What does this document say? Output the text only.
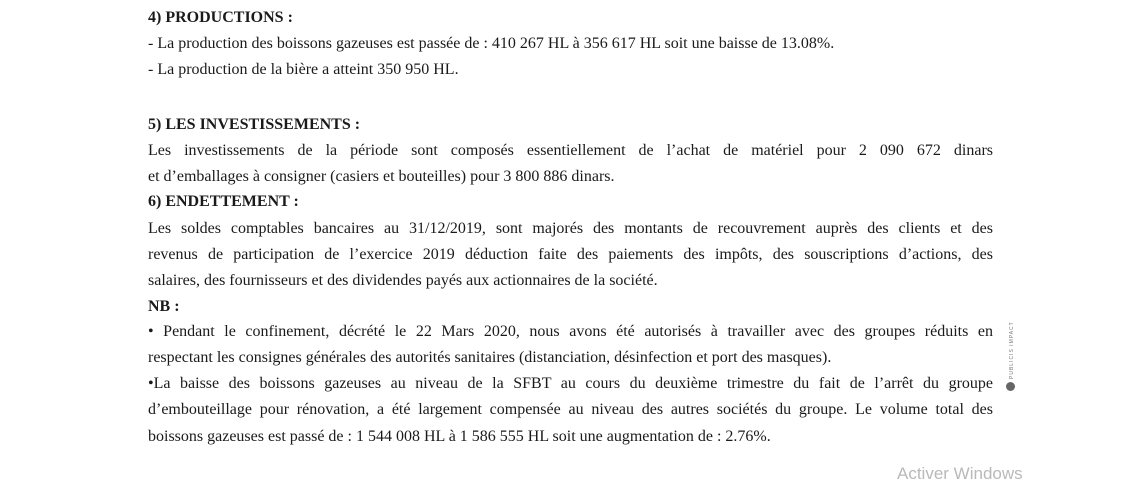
4) PRODUCTIONS :
- La production des boissons gazeuses est passée de : 410 267 HL à 356 617 HL soit une baisse de 13.08%.
- La production de la bière a atteint 350 950 HL.
5) LES INVESTISSEMENTS :
Les investissements de la période sont composés essentiellement de l’achat de matériel pour 2 090 672 dinars
et d’emballages à consigner (casiers et bouteilles) pour 3 800 886 dinars.
6) ENDETTEMENT :
Les soldes comptables bancaires au 31/12/2019, sont majorés des montants de recouvrement auprès des clients et des
revenus de participation de l’exercice 2019 déduction faite des paiements des impôts, des souscriptions d’actions, des
salaires, des fournisseurs et des dividendes payés aux actionnaires de la société.
NB :
• Pendant le confinement, décrété le 22 Mars 2020, nous avons été autorisés à travailler avec des groupes réduits en
respectant les consignes générales des autorités sanitaires (distanciation, désinfection et port des masques).
•La baisse des boissons gazeuses au niveau de la SFBT au cours du deuxième trimestre du fait de l’arrêt du groupe
d’embouteillage pour rénovation, a été largement compensée au niveau des autres sociétés du groupe. Le volume total des
boissons gazeuses est passé de : 1 544 008 HL à 1 586 555 HL soit une augmentation de : 2.76%.
PUBLICIS IMPACT
Activer Windows
